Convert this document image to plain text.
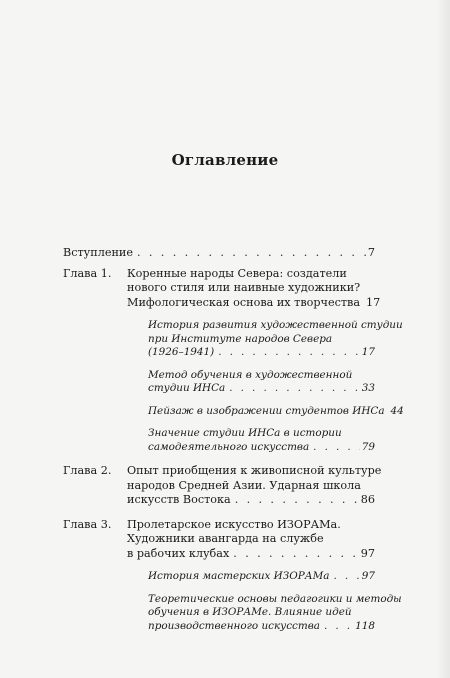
Оглавление
Вступление . . .	7
Глава 1.	Коренные народы Севера: создатели
нового стиля или наивные художники?
Мифологическая основа их творчества 17
История развития художественной студии
при Институте народов Севера
(1926–1941) . . .	17
Метод обучения в художественной
студии ИНСа . . .	33
Пейзаж в изображении студентов ИНСа 44
Значение студии ИНСа в истории
самодеятельного искусства . . .	79
Глава 2.	Опыт приобщения к живописной культуре
народов Средней Азии. Ударная школа
искусств Востока . . .	86
Глава 3.	Пролетарское искусство ИЗОРАМа.
Художники авангарда на службе
в рабочих клубах . . .	97
История мастерских ИЗОРАМа . . .	97
Теоретические основы педагогики и методы
обучения в ИЗОРАМе. Влияние идей
производственного искусства . . .	118
